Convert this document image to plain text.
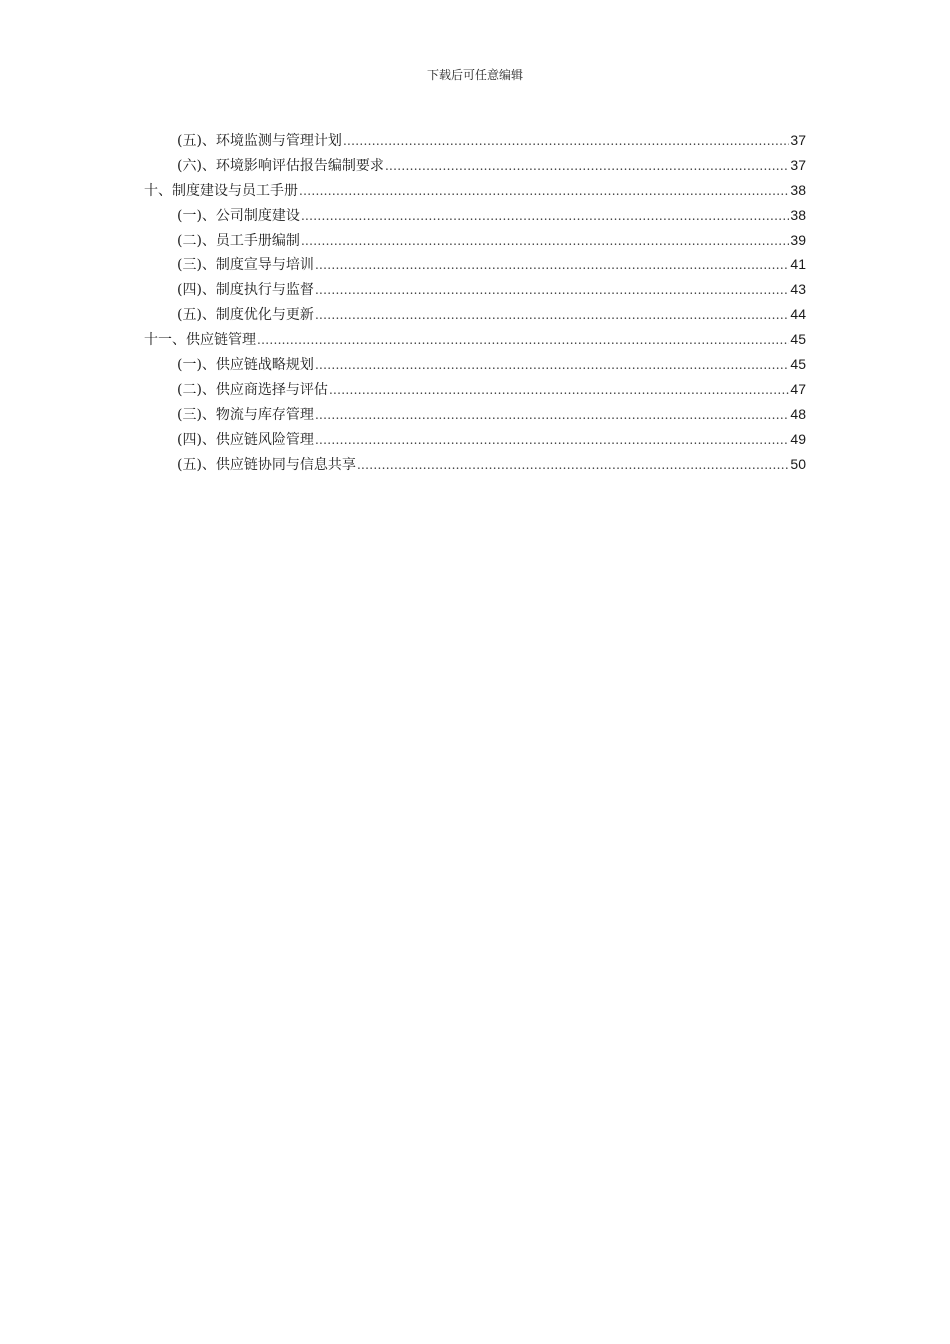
下载后可任意编辑
(五)、环境监测与管理计划 .....	37
(六)、环境影响评估报告编制要求 .....	37
十、制度建设与员工手册 .....	38
(一)、公司制度建设 .....	38
(二)、员工手册编制 .....	39
(三)、制度宣导与培训 .....	41
(四)、制度执行与监督 .....	43
(五)、制度优化与更新 .....	44
十一、供应链管理 .....	45
(一)、供应链战略规划 .....	45
(二)、供应商选择与评估 .....	47
(三)、物流与库存管理 .....	48
(四)、供应链风险管理 .....	49
(五)、供应链协同与信息共享 .....	50
